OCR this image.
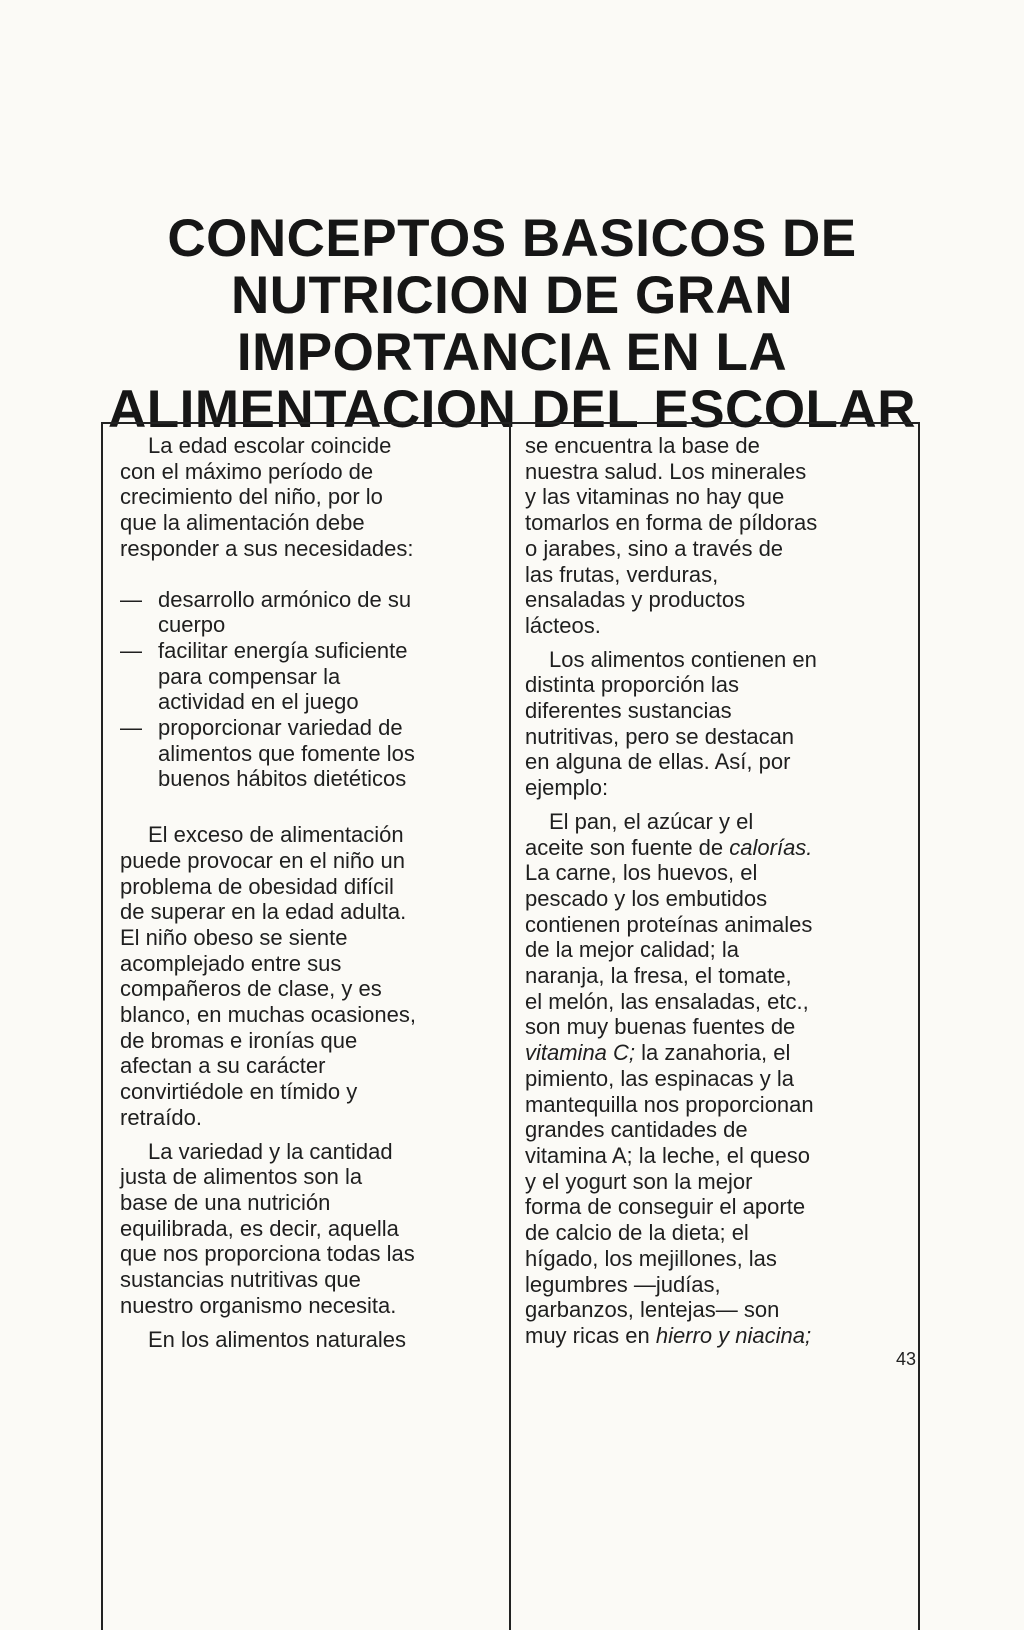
CONCEPTOS BASICOS DE
NUTRICION DE GRAN
IMPORTANCIA EN LA
ALIMENTACION DEL ESCOLAR

La edad escolar coincide

con el máximo período de

crecimiento del niño, por lo

que la alimentación debe

responder a sus necesidades:

— desarrollo armónico de su

cuerpo

— facilitar energía suficiente

para compensar la

actividad en el juego

— proporcionar variedad de

alimentos que fomente los

buenos hábitos dietéticos

El exceso de alimentación

puede provocar en el niño un

problema de obesidad difícil

de superar en la edad adulta.

El niño obeso se siente

acomplejado entre sus

compañeros de clase, y es

blanco, en muchas ocasiones,

de bromas e ironías que

afectan a su carácter

convirtiédole en tímido y

retraído.

La variedad y la cantidad

justa de alimentos son la

base de una nutrición

equilibrada, es decir, aquella

que nos proporciona todas las

sustancias nutritivas que

nuestro organismo necesita.

En los alimentos naturales

se encuentra la base de

nuestra salud. Los minerales

y las vitaminas no hay que

tomarlos en forma de píldoras

o jarabes, sino a través de

las frutas, verduras,

ensaladas y productos

lácteos.

Los alimentos contienen en

distinta proporción las

diferentes sustancias

nutritivas, pero se destacan

en alguna de ellas. Así, por

ejemplo:

El pan, el azúcar y el

aceite son fuente de calorías.

La carne, los huevos, el

pescado y los embutidos

contienen proteínas animales

de la mejor calidad; la

naranja, la fresa, el tomate,

el melón, las ensaladas, etc.,

son muy buenas fuentes de

vitamina C; la zanahoria, el

pimiento, las espinacas y la

mantequilla nos proporcionan

grandes cantidades de

vitamina A; la leche, el queso

y el yogurt son la mejor

forma de conseguir el aporte

de calcio de la dieta; el

hígado, los mejillones, las

legumbres —judías,

garbanzos, lentejas— son

muy ricas en hierro y niacina;

43
